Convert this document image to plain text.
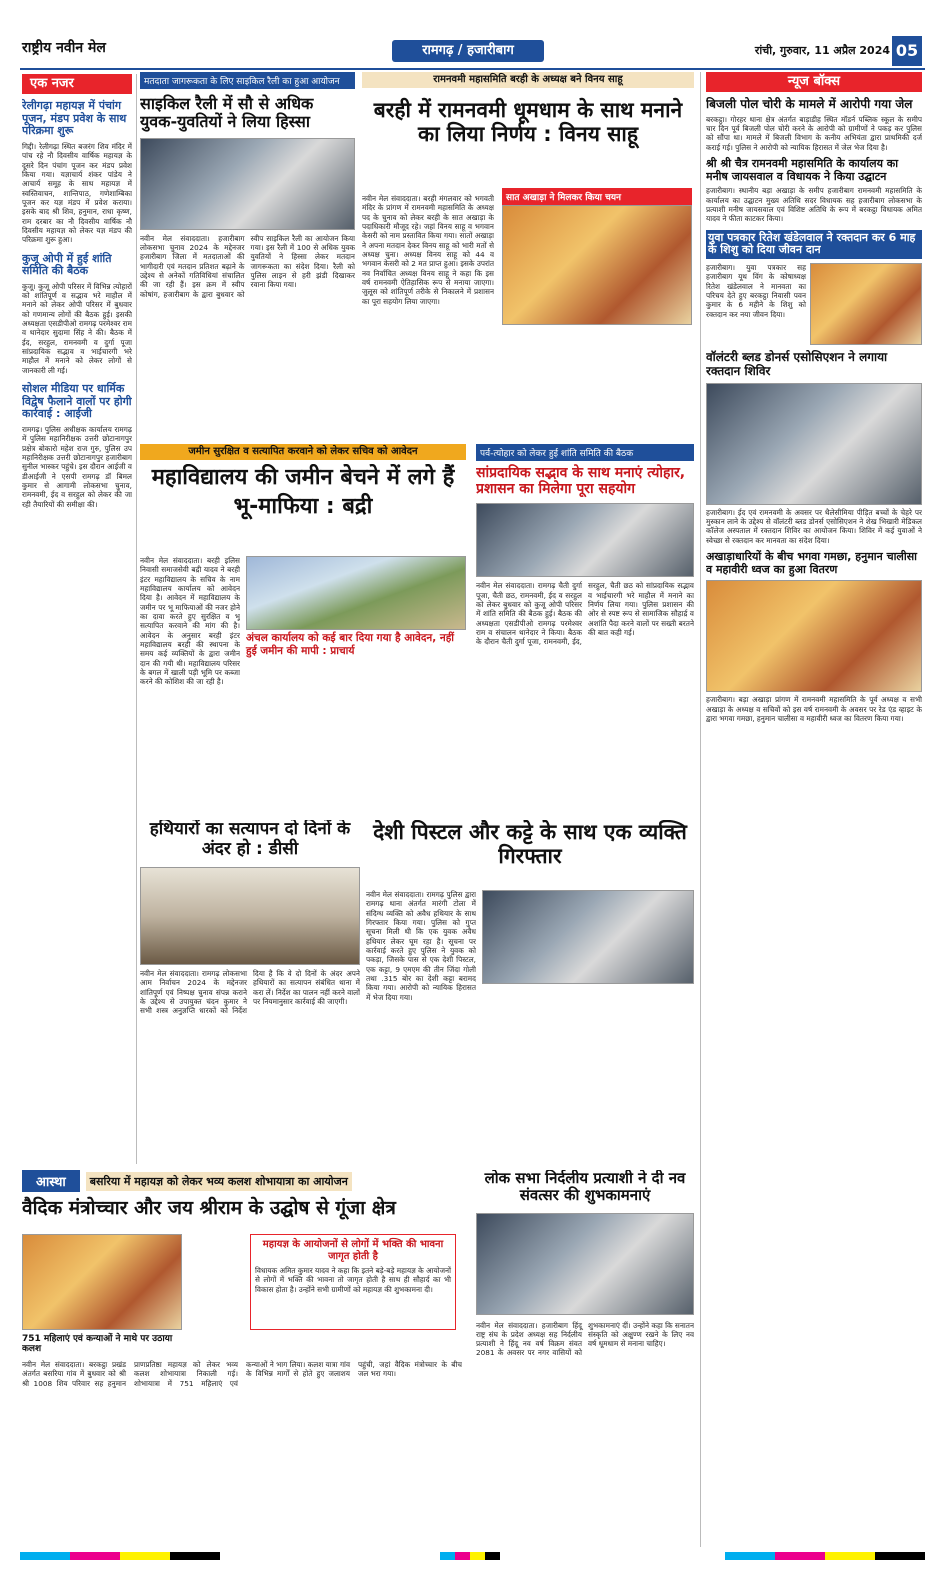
राष्ट्रीय नवीन मेल	रामगढ़ / हजारीबाग	रांची, गुरुवार, 11 अप्रैल 2024 05
एक नजर
रेलीगढ़ा महायज्ञ में पंचांग पूजन, मंडप प्रवेश के साथ परिक्रमा शुरू
गिद्दी। रेलीगढ़ा स्थित बजरंग शिव मंदिर में पांच रहे नौ दिवसीय वार्षिक महायज्ञ के दूसरे दिन पंचांग पूजन कर मंडप प्रवेश किया गया। यज्ञाचार्य शंकर पांडेय ने आचार्य समूह के साथ महायज्ञ में स्वस्तिवाचन, शान्तिपाठ, गणेशाम्बिका पूजन कर यज्ञ मंडप में प्रवेश कराया। इसके बाद श्री शिव, हनुमान, राधा कृष्ण, राम दरबार का नौ दिवसीय वार्षिक नौ दिवसीय महायज्ञ को लेकर यज्ञ मंडप की परिक्रमा शुरू हुआ।
कुजू ओपी में हुई शांति समिति की बैठक
कुजू। कुजू ओपी परिसर में विभिन्न त्योहारों को शांतिपूर्ण व सद्भाव भरे माहौल में मनाने को लेकर ओपी परिसर में बुधवार को गणमान्य लोगों की बैठक हुई। इसकी अध्यक्षता एसडीपीओ रामगढ़ परमेश्वर राम व थानेदार सुदामा सिंह ने की। बैठक में ईद, सरहुल, रामनवमी व दुर्गा पूजा सांप्रदायिक सद्भाव व भाईचारगी भरे माहौल में मनाने को लेकर लोगों से जानकारी ली गई।
सोशल मीडिया पर धार्मिक विद्वेष फैलाने वालों पर होगी कार्रवाई : आईजी
रामगढ़। पुलिस अधीक्षक कार्यालय रामगढ़ में पुलिस महानिरीक्षक उत्तरी छोटानागपुर प्रक्षेत्र बोकारो महेश राज गुरु, पुलिस उप महानिरीक्षक उत्तरी छोटानागपुर हजारीबाग सुनील भास्कर पहुंचे। इस दौरान आईजी व डीआईजी ने एसपी रामगढ़ डॉ बिमल कुमार से आगामी लोकसभा चुनाव, रामनवमी, ईद व सरहुल को लेकर की जा रही तैयारियों की समीक्षा की।
मतदाता जागरूकता के लिए साइकिल रैली का हुआ आयोजन
साइकिल रैली में सौ से अधिक युवक-युवतियों ने लिया हिस्सा
नवीन मेल संवाददाता। हजारीबाग लोकसभा चुनाव 2024 के मद्देनजर हजारीबाग जिला में मतदाताओं की भागीदारी एवं मतदान प्रतिशत बढ़ाने के उद्देश्य से अनेकों गतिविधियां संचालित की जा रही हैं। इस क्रम में स्वीप कोषांग, हजारीबाग के द्वारा बुधवार को स्वीप साइकिल रैली का आयोजन किया गया। इस रैली में 100 से अधिक युवक युवतियों ने हिस्सा लेकर मतदान जागरूकता का संदेश दिया। रैली को पुलिस लाइन से हरी झंडी दिखाकर रवाना किया गया।
रामनवमी महासमिति बरही के अध्यक्ष बने विनय साहू
बरही में रामनवमी धूमधाम के साथ मनाने का लिया निर्णय : विनय साहू
नवीन मेल संवाददाता। बरही मंगलवार को भगवती मंदिर के प्रांगण में रामनवमी महासमिति के अध्यक्ष पद के चुनाव को लेकर बरही के सात अखाड़ा के पदाधिकारी मौजूद रहे। जहां विनय साहू व भगवान केसरी को नाम प्रस्तावित किया गया। सातों अखाड़ा ने अपना मतदान देकर विनय साहू को भारी मतों से अध्यक्ष चुना। अध्यक्ष विनय साहू को 44 व भगवान केसरी को 2 मत प्राप्त हुआ। इसके उपरांत नव निर्वाचित अध्यक्ष विनय साहू ने कहा कि इस वर्ष रामनवमी ऐतिहासिक रूप से मनाया जाएगा। जुलूस को शांतिपूर्ण तरीके से निकालने में प्रशासन का पूरा सहयोग लिया जाएगा।
सात अखाड़ा ने मिलकर किया चयन
जमीन सुरक्षित व सत्यापित करवाने को लेकर सचिव को आवेदन
महाविद्यालय की जमीन बेचने में लगे हैं भू-माफिया : बद्री
नवीन मेल संवाददाता। बरही इलिस निवासी समाजसेवी बद्री यादव ने बरही इंटर महाविद्यालय के सचिव के नाम महाविद्यालय कार्यालय को आवेदन दिया है। आवेदन में महाविद्यालय के जमीन पर भू माफियाओं की नजर होने का दावा करते हुए सुरक्षित व भू सत्यापित करवाने की मांग की है। आवेदन के अनुसार बरही इंटर महाविद्यालय बरही की स्थापना के समय कई व्यक्तियों के द्वारा जमीन दान की गयी थी। महाविद्यालय परिसर के बगल में खाली पड़ी भूमि पर कब्जा करने की कोशिश की जा रही है।
अंचल कार्यालय को कई बार दिया गया है आवेदन, नहीं हुई जमीन की मापी : प्राचार्य
पर्व-त्योहार को लेकर हुई शांति समिति की बैठक
सांप्रदायिक सद्भाव के साथ मनाएं त्योहार, प्रशासन का मिलेगा पूरा सहयोग
नवीन मेल संवाददाता। रामगढ़ चैती दुर्गा पूजा, चैती छठ, रामनवमी, ईद व सरहुल को लेकर बुधवार को कुजू ओपी परिसर में शांति समिति की बैठक हुई। बैठक की अध्यक्षता एसडीपीओ रामगढ़ परमेश्वर राम व संचालन थानेदार ने किया। बैठक के दौरान चैती दुर्गा पूजा, रामनवमी, ईद, सरहुल, चैती छठ को सांप्रदायिक सद्भाव व भाईचारगी भरे माहौल में मनाने का निर्णय लिया गया। पुलिस प्रशासन की ओर से स्पष्ट रूप से सामाजिक सौहार्द्र व अशांति पैदा करने वालों पर सख्ती बरतने की बात कही गई।
हथियारों का सत्यापन दो दिनों के अंदर हो : डीसी
नवीन मेल संवाददाता। रामगढ़ लोकसभा आम निर्वाचन 2024 के मद्देनजर शांतिपूर्ण एवं निष्पक्ष चुनाव संपन्न कराने के उद्देश्य से उपायुक्त चंदन कुमार ने सभी शस्त्र अनुज्ञप्ति धारकों को निर्देश दिया है कि वे दो दिनों के अंदर अपने हथियारों का सत्यापन संबंधित थाना में करा लें। निर्देश का पालन नहीं करने वालों पर नियमानुसार कार्रवाई की जाएगी।
देशी पिस्टल और कट्टे के साथ एक व्यक्ति गिरफ्तार
नवीन मेल संवाददाता। रामगढ़ पुलिस द्वारा रामगढ़ थाना अंतर्गत मारंगी टोला में संदिग्ध व्यक्ति को अवैध हथियार के साथ गिरफ्तार किया गया। पुलिस को गुप्त सूचना मिली थी कि एक युवक अवैध हथियार लेकर घूम रहा है। सूचना पर कार्रवाई करते हुए पुलिस ने युवक को पकड़ा, जिसके पास से एक देशी पिस्टल, एक कट्टा, 9 एमएम की तीन जिंदा गोली तथा .315 बोर का देशी कट्टा बरामद किया गया। आरोपी को न्यायिक हिरासत में भेज दिया गया।
आस्था	बसरिया में महायज्ञ को लेकर भव्य कलश शोभायात्रा का आयोजन
वैदिक मंत्रोच्चार और जय श्रीराम के उद्घोष से गूंजा क्षेत्र
751 महिलाएं एवं कन्याओं ने माथे पर उठाया कलश
महायज्ञ के आयोजनों से लोगों में भक्ति की भावना जागृत होती है
विधायक अमित कुमार यादव ने कहा कि इतने बड़े-बड़े महायज्ञ के आयोजनों से लोगों में भक्ति की भावना तो जागृत होती है साथ ही सौहार्द का भी विकास होता है। उन्होंने सभी ग्रामीणों को महायज्ञ की शुभकामना दी।
नवीन मेल संवाददाता। बरकट्ठा प्रखंड अंतर्गत बसरिया गांव में बुधवार को श्री श्री 1008 शिव परिवार सह हनुमान प्राणप्रतिष्ठा महायज्ञ को लेकर भव्य कलश शोभायात्रा निकाली गई। शोभायात्रा में 751 महिलाएं एवं कन्याओं ने भाग लिया। कलश यात्रा गांव के विभिन्न मार्गों से होते हुए जलाशय पहुंची, जहां वैदिक मंत्रोच्चार के बीच जल भरा गया।
लोक सभा निर्दलीय प्रत्याशी ने दी नव संवत्सर की शुभकामनाएं
नवीन मेल संवाददाता। हजारीबाग हिंदू राष्ट्र संघ के प्रदेश अध्यक्ष सह निर्दलीय प्रत्याशी ने हिंदू नव वर्ष विक्रम संवत 2081 के अवसर पर नगर वासियों को शुभकामनाएं दीं। उन्होंने कहा कि सनातन संस्कृति को अक्षुण्ण रखने के लिए नव वर्ष धूमधाम से मनाना चाहिए।
न्यूज बॉक्स
बिजली पोल चोरी के मामले में आरोपी गया जेल
बरकट्ठा। गोरहर थाना क्षेत्र अंतर्गत बाड़ाडीह स्थित मॉडर्न पब्लिक स्कूल के समीप चार दिन पूर्व बिजली पोल चोरी करने के आरोपी को ग्रामीणों ने पकड़ कर पुलिस को सौंपा था। मामले में बिजली विभाग के कनीय अभियंता द्वारा प्राथमिकी दर्ज कराई गई। पुलिस ने आरोपी को न्यायिक हिरासत में जेल भेज दिया है।
श्री श्री चैत्र रामनवमी महासमिति के कार्यालय का मनीष जायसवाल व विधायक ने किया उद्घाटन
हजारीबाग। स्थानीय बड़ा अखाड़ा के समीप हजारीबाग रामनवमी महासमिति के कार्यालय का उद्घाटन मुख्य अतिथि सदर विधायक सह हजारीबाग लोकसभा के प्रत्याशी मनीष जायसवाल एवं विशिष्ट अतिथि के रूप में बरकट्ठा विधायक अमित यादव ने फीता काटकर किया।
युवा पत्रकार रितेश खंडेलवाल ने रक्तदान कर 6 माह के शिशु को दिया जीवन दान
हजारीबाग। युवा पत्रकार सह हजारीबाग यूथ विंग के कोषाध्यक्ष रितेश खंडेलवाल ने मानवता का परिचय देते हुए बरकट्ठा निवासी पवन कुमार के 6 महीने के शिशु को रक्तदान कर नया जीवन दिया।
वॉलंटरी ब्लड डोनर्स एसोसिएशन ने लगाया रक्तदान शिविर
हजारीबाग। ईद एवं रामनवमी के अवसर पर थैलेसीमिया पीड़ित बच्चों के चेहरे पर मुस्कान लाने के उद्देश्य से वॉलंटरी ब्लड डोनर्स एसोसिएशन ने शेख भिखारी मेडिकल कॉलेज अस्पताल में रक्तदान शिविर का आयोजन किया। शिविर में कई युवाओं ने स्वेच्छा से रक्तदान कर मानवता का संदेश दिया।
अखाड़ाधारियों के बीच भगवा गमछा, हनुमान चालीसा व महावीरी ध्वज का हुआ वितरण
हजारीबाग। बड़ा अखाड़ा प्रांगण में रामनवमी महासमिति के पूर्व अध्यक्ष व सभी अखाड़ा के अध्यक्ष व सचिवों को इस वर्ष रामनवमी के अवसर पर रेड एंड व्हाइट के द्वारा भगवा गमछा, हनुमान चालीसा व महावीरी ध्वज का वितरण किया गया।
